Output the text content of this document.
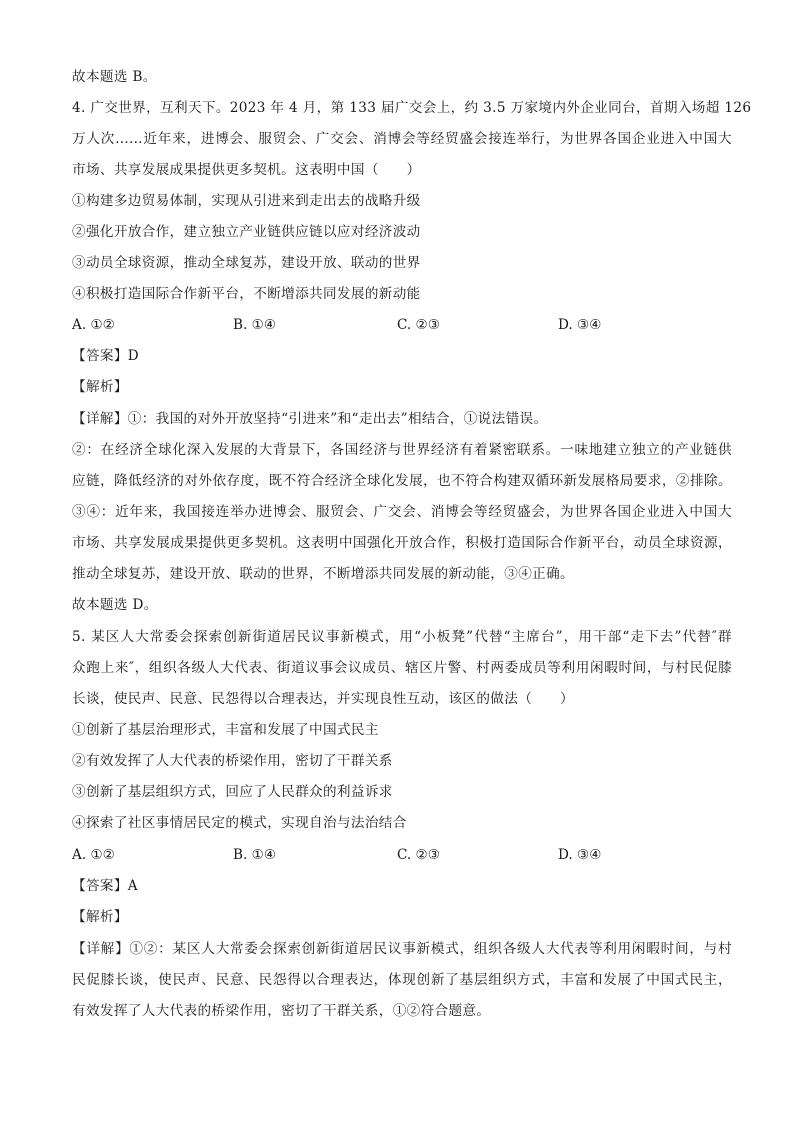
故本题选 B。
4. 广交世界，互利天下。2023 年 4 月，第 133 届广交会上，约 3.5 万家境内外企业同台，首期入场超 126
万人次……近年来，进博会、服贸会、广交会、消博会等经贸盛会接连举行，为世界各国企业进入中国大
市场、共享发展成果提供更多契机。这表明中国（　　）
①构建多边贸易体制，实现从引进来到走出去的战略升级
②强化开放合作，建立独立产业链供应链以应对经济波动
③动员全球资源，推动全球复苏，建设开放、联动的世界
④积极打造国际合作新平台，不断增添共同发展的新动能
A. ①②	B. ①④	C. ②③	D. ③④
【答案】D
【解析】
【详解】①：我国的对外开放坚持“引进来”和“走出去”相结合，①说法错误。
②：在经济全球化深入发展的大背景下，各国经济与世界经济有着紧密联系。一味地建立独立的产业链供
应链，降低经济的对外依存度，既不符合经济全球化发展，也不符合构建双循环新发展格局要求，②排除。
③④：近年来，我国接连举办进博会、服贸会、广交会、消博会等经贸盛会，为世界各国企业进入中国大
市场、共享发展成果提供更多契机。这表明中国强化开放合作，积极打造国际合作新平台，动员全球资源，
推动全球复苏，建设开放、联动的世界，不断增添共同发展的新动能，③④正确。
故本题选 D。
5. 某区人大常委会探索创新街道居民议事新模式，用“小板凳”代替“主席台”，用干部“走下去”代替″群
众跑上来″，组织各级人大代表、街道议事会议成员、辖区片警、村两委成员等利用闲暇时间，与村民促膝
长谈，使民声、民意、民怨得以合理表达，并实现良性互动，该区的做法（　　）
①创新了基层治理形式，丰富和发展了中国式民主
②有效发挥了人大代表的桥梁作用，密切了干群关系
③创新了基层组织方式，回应了人民群众的利益诉求
④探索了社区事情居民定的模式，实现自治与法治结合
A. ①②	B. ①④	C. ②③	D. ③④
【答案】A
【解析】
【详解】①②：某区人大常委会探索创新街道居民议事新模式，组织各级人大代表等利用闲暇时间，与村
民促膝长谈，使民声、民意、民怨得以合理表达，体现创新了基层组织方式，丰富和发展了中国式民主，
有效发挥了人大代表的桥梁作用，密切了干群关系，①②符合题意。
